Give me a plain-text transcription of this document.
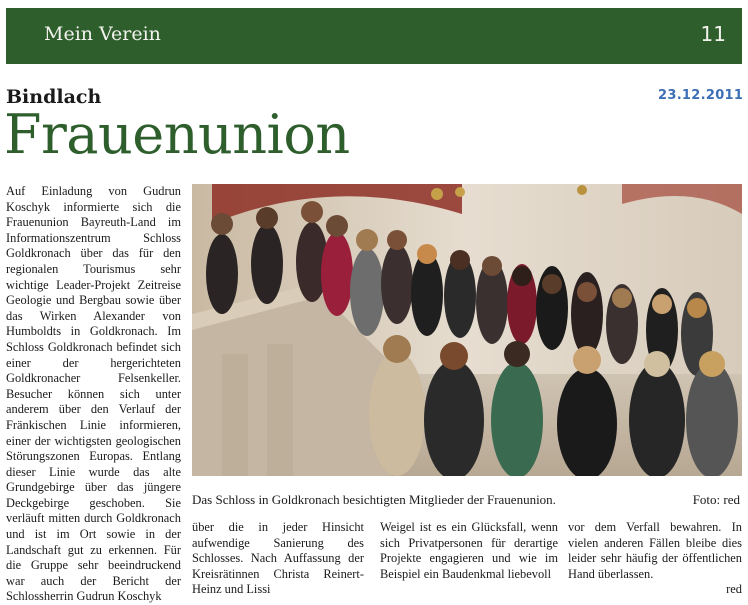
Mein Verein	11
Bindlach	23.12.2011
Frauenunion
Auf Einladung von Gudrun Koschyk informierte sich die Frauenunion Bayreuth-Land im Informationszentrum Schloss Goldkronach über das für den regionalen Tourismus sehr wichtige Leader-Projekt Zeitreise Geologie und Bergbau sowie über das Wirken Alexander von Humboldts in Goldkronach. Im Schloss Goldkronach befindet sich einer der hergerichteten Goldkronacher Felsenkeller. Besucher können sich unter anderem über den Verlauf der Fränkischen Linie informieren, einer der wichtigsten geologischen Störungszonen Europas. Entlang dieser Linie wurde das alte Grundgebirge über das jüngere Deckgebirge geschoben. Sie verläuft mitten durch Goldkronach und ist im Ort sowie in der Landschaft gut zu erkennen. Für die Gruppe sehr beeindruckend war auch der Bericht der Schlossherrin Gudrun Koschyk
Das Schloss in Goldkronach besichtigten Mitglieder der Frauenunion.	Foto: red
über die in jeder Hinsicht aufwendige Sanierung des Schlosses. Nach Auffassung der Kreisrätinnen Christa Reinert-Heinz und Lissi
Weigel ist es ein Glücksfall, wenn sich Privatpersonen für derartige Projekte engagieren und wie im Beispiel ein Baudenkmal liebevoll
vor dem Verfall bewahren. In vielen anderen Fällen bleibe dies leider sehr häufig der öffentlichen Hand überlassen.
red
